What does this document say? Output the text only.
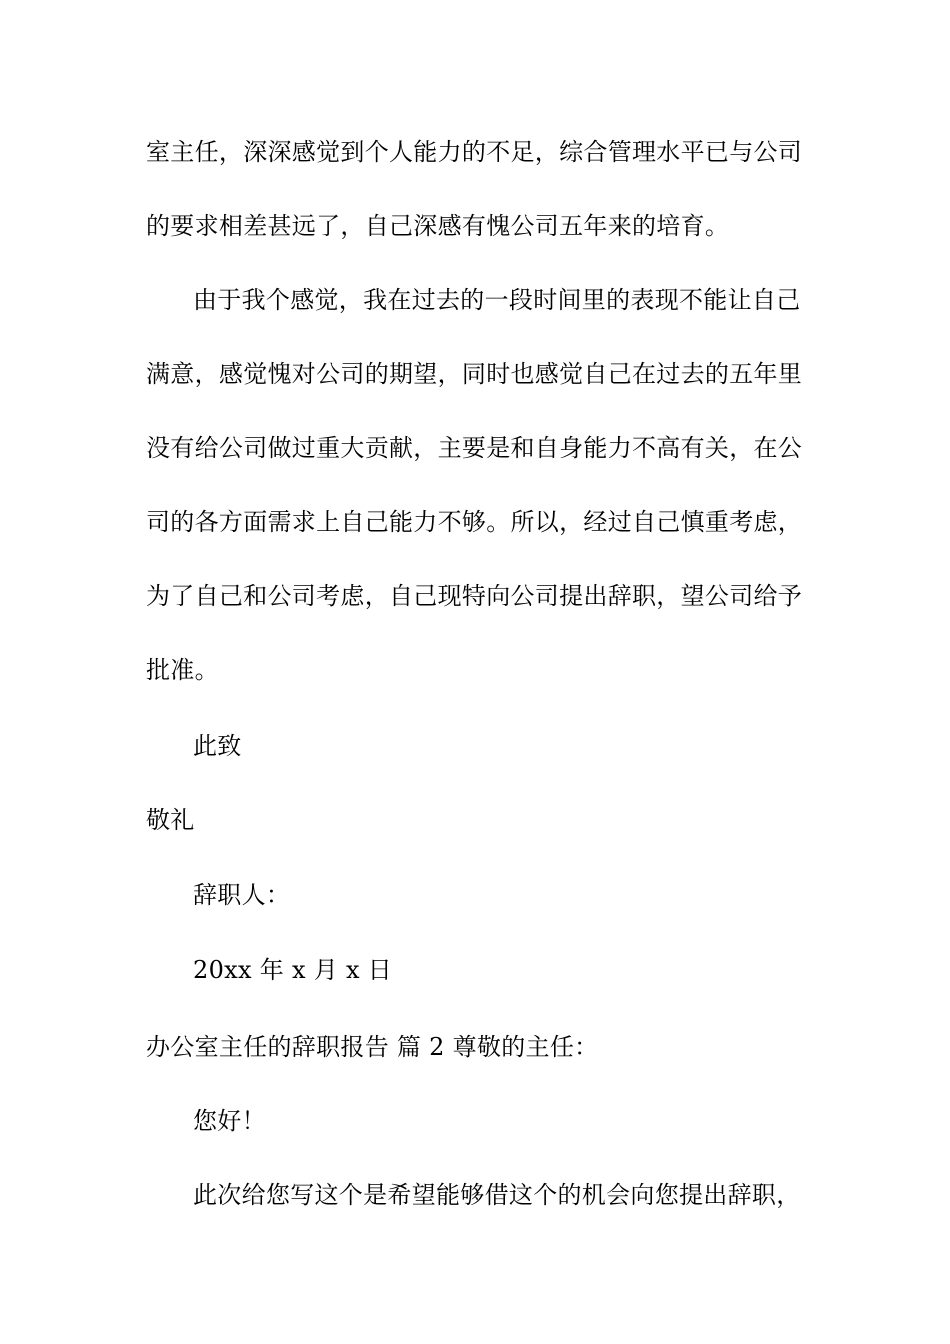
室主任，深深感觉到个人能力的不足，综合管理水平已与公司
的要求相差甚远了，自己深感有愧公司五年来的培育。
由于我个感觉，我在过去的一段时间里的表现不能让自己
满意，感觉愧对公司的期望，同时也感觉自己在过去的五年里
没有给公司做过重大贡献，主要是和自身能力不高有关，在公
司的各方面需求上自己能力不够。所以，经过自己慎重考虑，
为了自己和公司考虑，自己现特向公司提出辞职，望公司给予
批准。
此致
敬礼
辞职人：
20xx 年 x 月 x 日
办公室主任的辞职报告 篇 2 尊敬的主任：
您好！
此次给您写这个是希望能够借这个的机会向您提出辞职，
